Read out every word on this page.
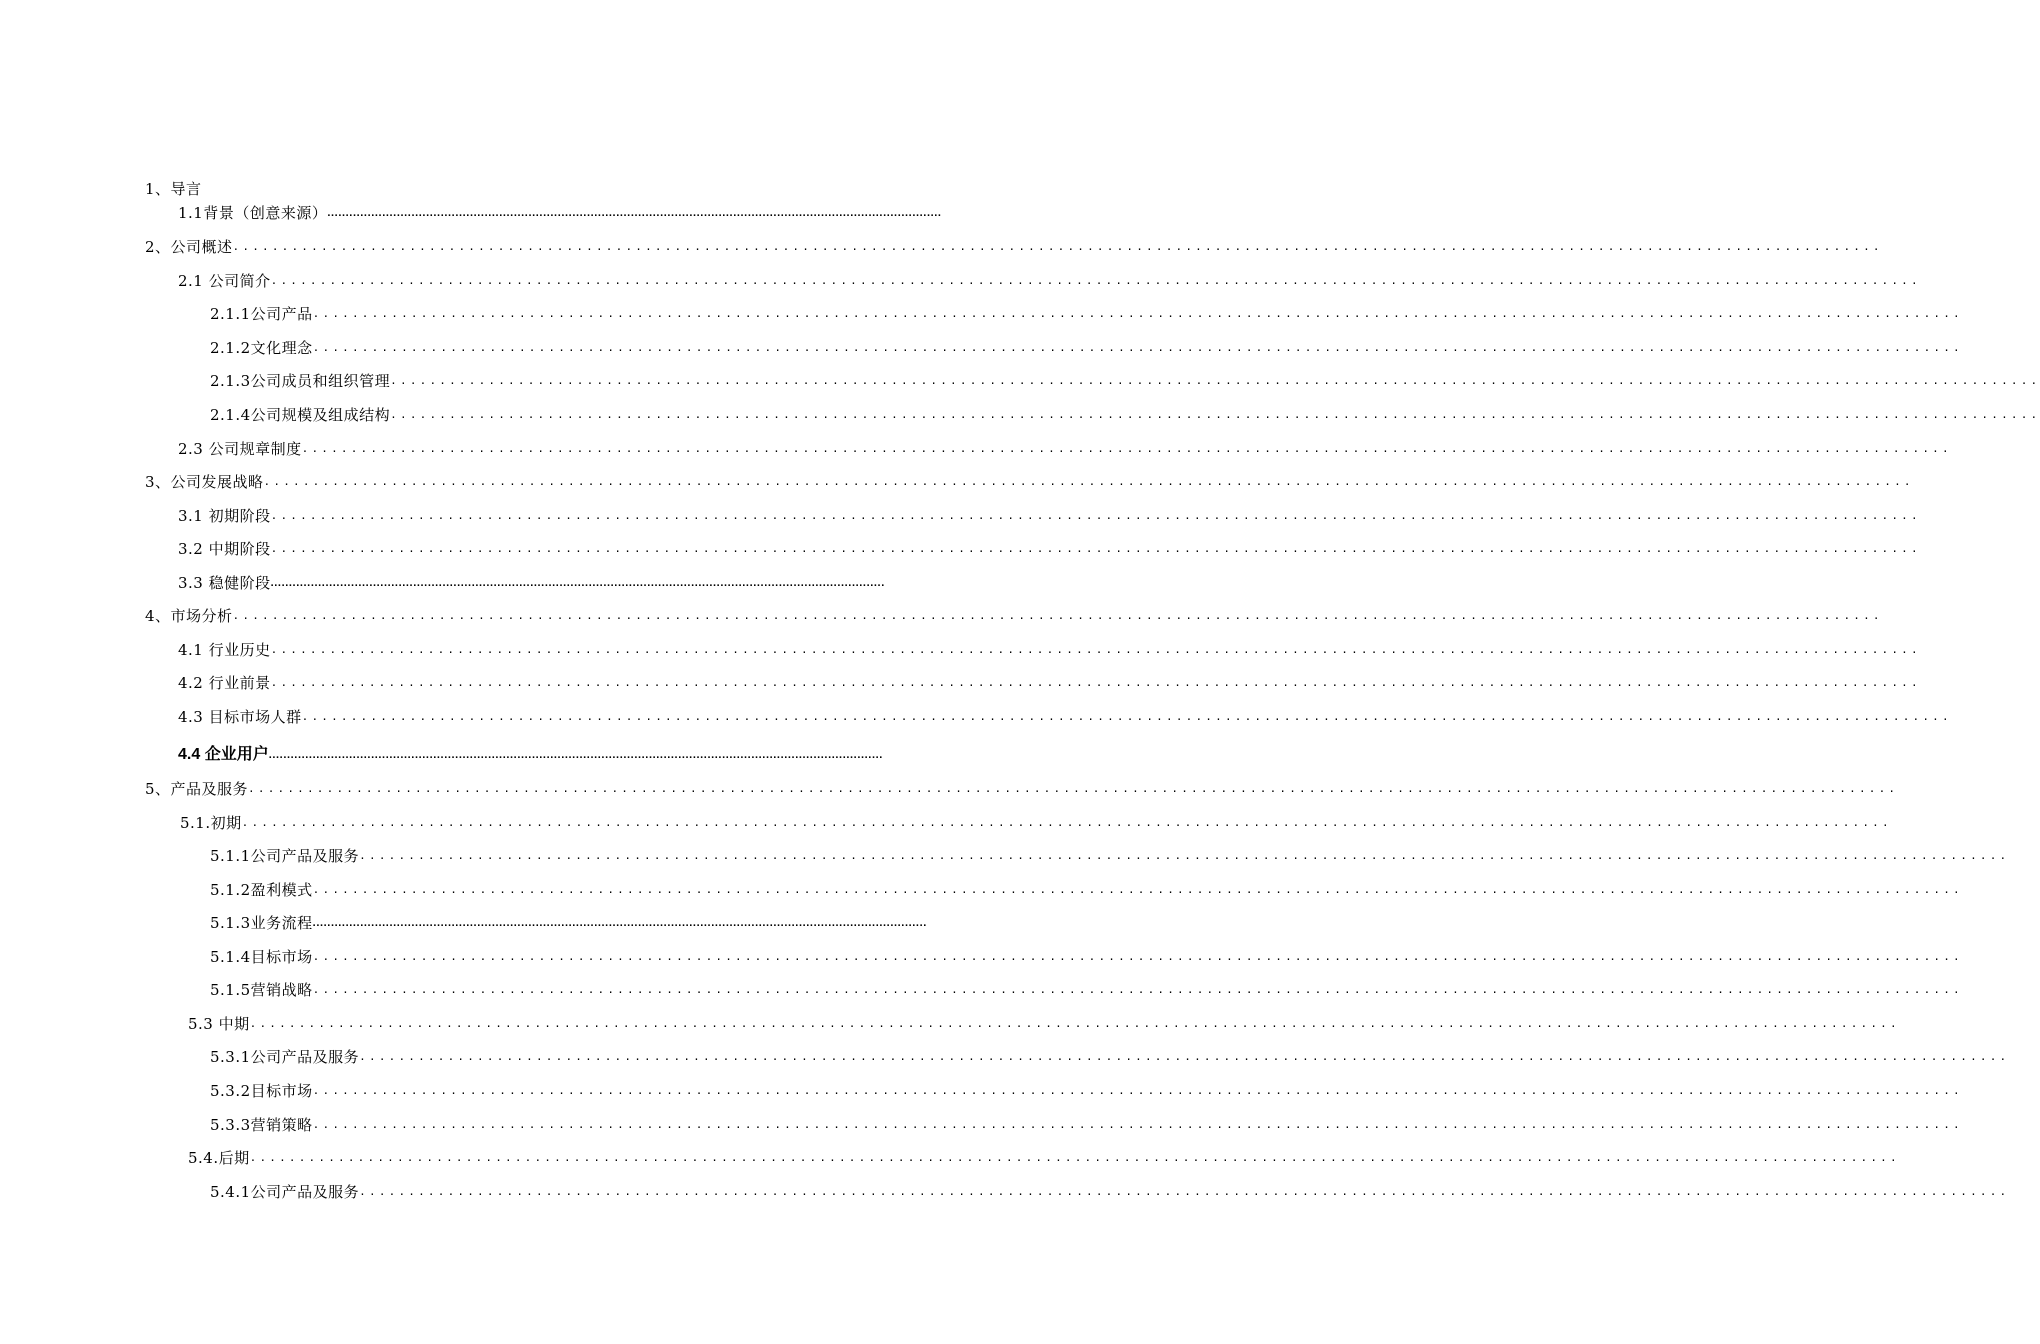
1、导言
1.1背景（创意来源） ........................................................................................................................................................................
2、公司概述 ........................................................................................................................................................................
2.1 公司简介 ........................................................................................................................................................................
2.1.1公司产品 ........................................................................................................................................................................
2.1.2文化理念 ........................................................................................................................................................................
2.1.3公司成员和组织管理 ........................................................................................................................................................................
2.1.4公司规模及组成结构 ........................................................................................................................................................................
2.3 公司规章制度 ........................................................................................................................................................................
3、公司发展战略 ........................................................................................................................................................................
3.1 初期阶段 ........................................................................................................................................................................
3.2 中期阶段 ........................................................................................................................................................................
3.3 稳健阶段 ........................................................................................................................................................................
4、市场分析 ........................................................................................................................................................................
4.1 行业历史 ........................................................................................................................................................................
4.2 行业前景 ........................................................................................................................................................................
4.3 目标市场人群 ........................................................................................................................................................................
4.4 企业用户 ........................................................................................................................................................................
5、产品及服务 ........................................................................................................................................................................
5.1.初期 ........................................................................................................................................................................
5.1.1公司产品及服务 ........................................................................................................................................................................
5.1.2盈利模式 ........................................................................................................................................................................
5.1.3业务流程 ........................................................................................................................................................................
5.1.4目标市场 ........................................................................................................................................................................
5.1.5营销战略 ........................................................................................................................................................................
5.3 中期 ........................................................................................................................................................................
5.3.1公司产品及服务 ........................................................................................................................................................................
5.3.2目标市场 ........................................................................................................................................................................
5.3.3营销策略 ........................................................................................................................................................................
5.4.后期 ........................................................................................................................................................................
5.4.1公司产品及服务 ........................................................................................................................................................................
